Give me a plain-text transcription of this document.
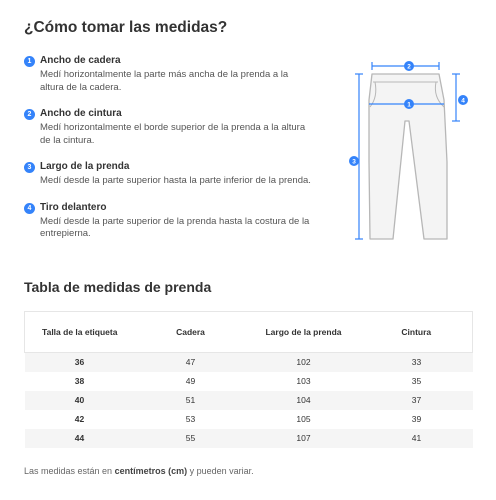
¿Cómo tomar las medidas?
1 Ancho de cadera
Medí horizontalmente la parte más ancha de la prenda a la altura de la cadera.
2 Ancho de cintura
Medí horizontalmente el borde superior de la prenda a la altura de la cintura.
3 Largo de la prenda
Medí desde la parte superior hasta la parte inferior de la prenda.
4 Tiro delantero
Medí desde la parte superior de la prenda hasta la costura de la entrepierna.
2
1
4
3
Tabla de medidas de prenda
Talla de la etiqueta	Cadera	Largo de la prenda	Cintura
36	47	102	33
38	49	103	35
40	51	104	37
42	53	105	39
44	55	107	41
Las medidas están en centímetros (cm) y pueden variar.
